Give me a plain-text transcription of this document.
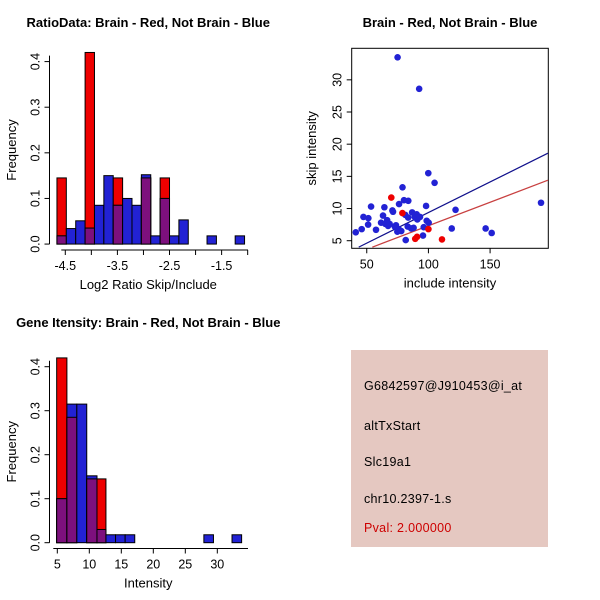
RatioData: Brain - Red, Not Brain - Blue
-4.5 -3.5 -2.5 -1.5
0.0
0.1
0.2
0.3
0.4
Log2 Ratio Skip/Include
Frequency
Brain - Red, Not Brain - Blue
50	100	150
5
10
15
20
25
30
include intensity
skip intensity
Gene Itensity: Brain - Red, Not Brain - Blue
5 10 15 20 25 30
0.0
0.1
0.2
0.3
0.4
Intensity
Frequency
G6842597@J910453@i_at
altTxStart
Slc19a1
chr10.2397-1.s
Pval: 2.000000
